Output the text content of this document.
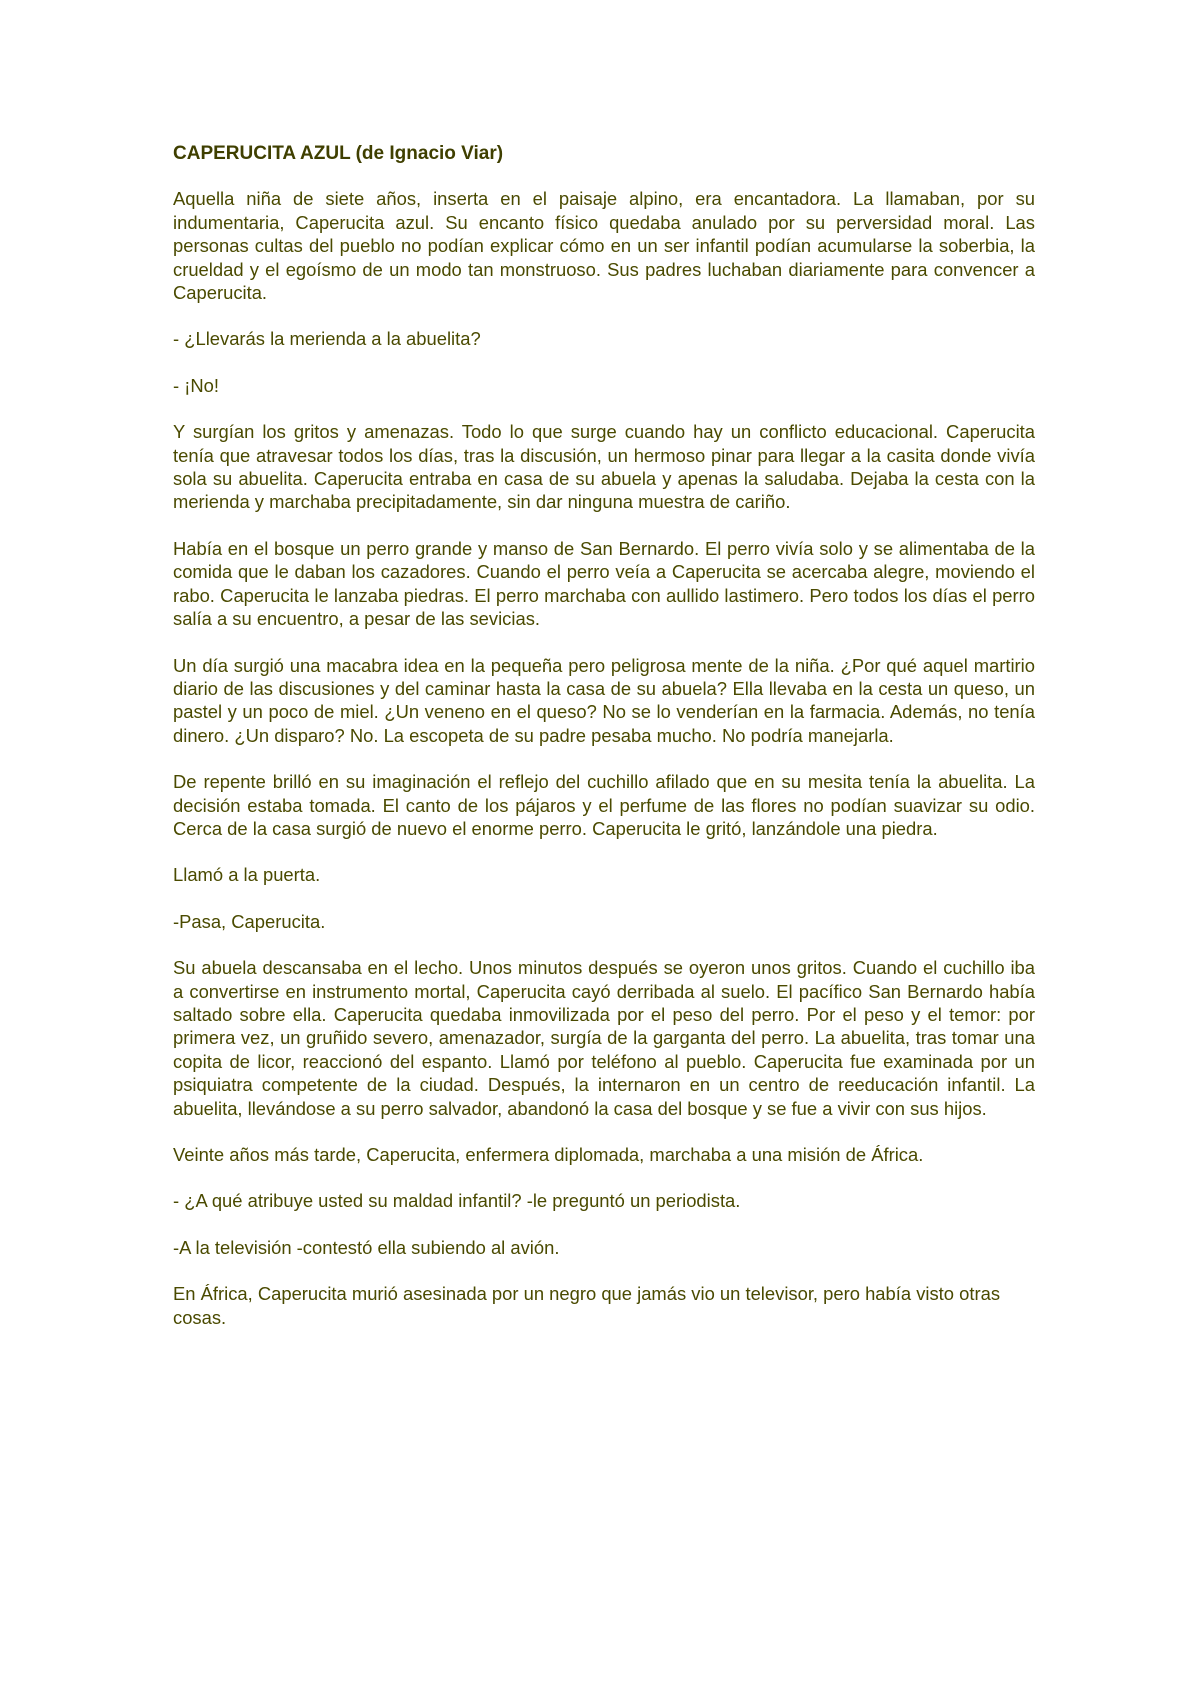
CAPERUCITA AZUL (de Ignacio Viar)

Aquella niña de siete años, inserta en el paisaje alpino, era encantadora. La llamaban, por su indumentaria, Caperucita azul. Su encanto físico quedaba anulado por su perversidad moral. Las personas cultas del pueblo no podían explicar cómo en un ser infantil podían acumularse la soberbia, la crueldad y el egoísmo de un modo tan monstruoso. Sus padres luchaban diariamente para convencer a Caperucita.

- ¿Llevarás la merienda a la abuelita?

- ¡No!

Y surgían los gritos y amenazas. Todo lo que surge cuando hay un conflicto educacional. Caperucita tenía que atravesar todos los días, tras la discusión, un hermoso pinar para llegar a la casita donde vivía sola su abuelita. Caperucita entraba en casa de su abuela y apenas la saludaba. Dejaba la cesta con la merienda y marchaba precipitadamente, sin dar ninguna muestra de cariño.

Había en el bosque un perro grande y manso de San Bernardo. El perro vivía solo y se alimentaba de la comida que le daban los cazadores. Cuando el perro veía a Caperucita se acercaba alegre, moviendo el rabo. Caperucita le lanzaba piedras. El perro marchaba con aullido lastimero. Pero todos los días el perro salía a su encuentro, a pesar de las sevicias.

Un día surgió una macabra idea en la pequeña pero peligrosa mente de la niña. ¿Por qué aquel martirio diario de las discusiones y del caminar hasta la casa de su abuela? Ella llevaba en la cesta un queso, un pastel y un poco de miel. ¿Un veneno en el queso? No se lo venderían en la farmacia. Además, no tenía dinero. ¿Un disparo? No. La escopeta de su padre pesaba mucho. No podría manejarla.

De repente brilló en su imaginación el reflejo del cuchillo afilado que en su mesita tenía la abuelita. La decisión estaba tomada. El canto de los pájaros y el perfume de las flores no podían suavizar su odio. Cerca de la casa surgió de nuevo el enorme perro. Caperucita le gritó, lanzándole una piedra.

Llamó a la puerta.

-Pasa, Caperucita.

Su abuela descansaba en el lecho. Unos minutos después se oyeron unos gritos. Cuando el cuchillo iba a convertirse en instrumento mortal, Caperucita cayó derribada al suelo. El pacífico San Bernardo había saltado sobre ella. Caperucita quedaba inmovilizada por el peso del perro. Por el peso y el temor: por primera vez, un gruñido severo, amenazador, surgía de la garganta del perro. La abuelita, tras tomar una copita de licor, reaccionó del espanto. Llamó por teléfono al pueblo. Caperucita fue examinada por un psiquiatra competente de la ciudad. Después, la internaron en un centro de reeducación infantil. La abuelita, llevándose a su perro salvador, abandonó la casa del bosque y se fue a vivir con sus hijos.

Veinte años más tarde, Caperucita, enfermera diplomada, marchaba a una misión de África.

- ¿A qué atribuye usted su maldad infantil? -le preguntó un periodista.

-A la televisión -contestó ella subiendo al avión.

En África, Caperucita murió asesinada por un negro que jamás vio un televisor, pero había visto otras cosas.
